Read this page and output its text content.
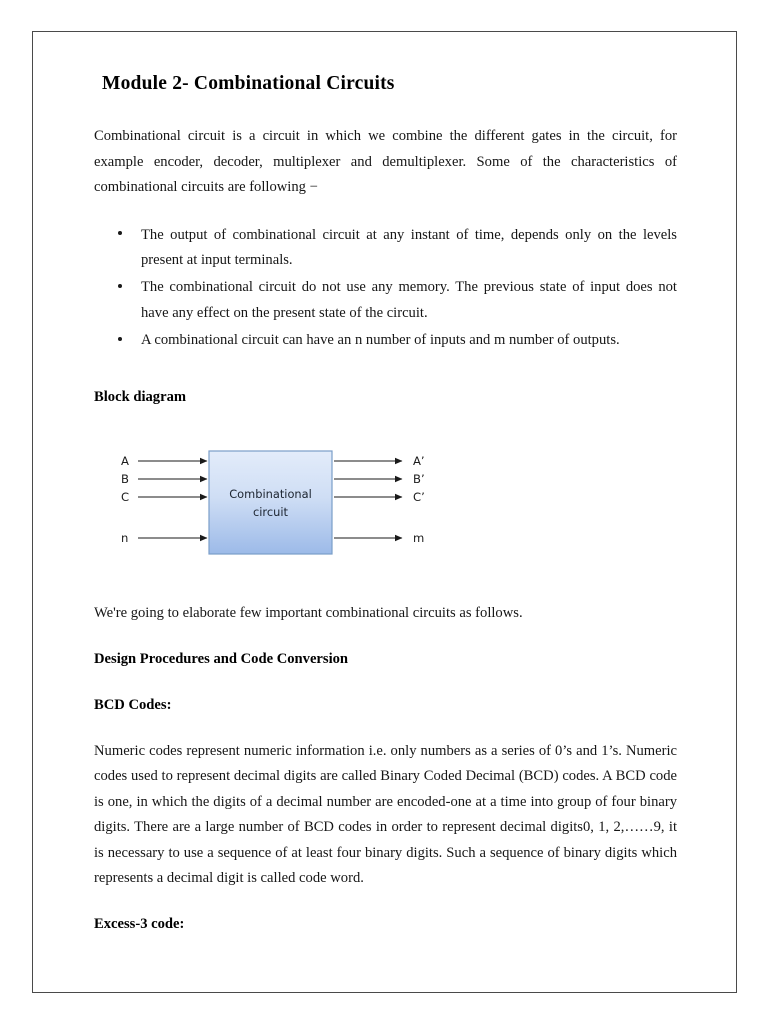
Module 2- Combinational Circuits

Combinational circuit is a circuit in which we combine the different gates in the circuit, for example encoder, decoder, multiplexer and demultiplexer. Some of the characteristics of combinational circuits are following −

The output of combinational circuit at any instant of time, depends only on the levels present at input terminals.
The combinational circuit do not use any memory. The previous state of input does not have any effect on the present state of the circuit.
A combinational circuit can have an n number of inputs and m number of outputs.
Block diagram
Combinational
circuit
A
B
C
n
A’
B’
C’
m

We're going to elaborate few important combinational circuits as follows.

Design Procedures and Code Conversion
BCD Codes:

Numeric codes represent numeric information i.e. only numbers as a series of 0’s and 1’s. Numeric codes used to represent decimal digits are called Binary Coded Decimal (BCD) codes. A BCD code is one, in which the digits of a decimal number are encoded-one at a time into group of four binary digits. There are a large number of BCD codes in order to represent decimal digits0, 1, 2,……9, it is necessary to use a sequence of at least four binary digits. Such a sequence of binary digits which represents a decimal digit is called code word.

Excess-3 code:
